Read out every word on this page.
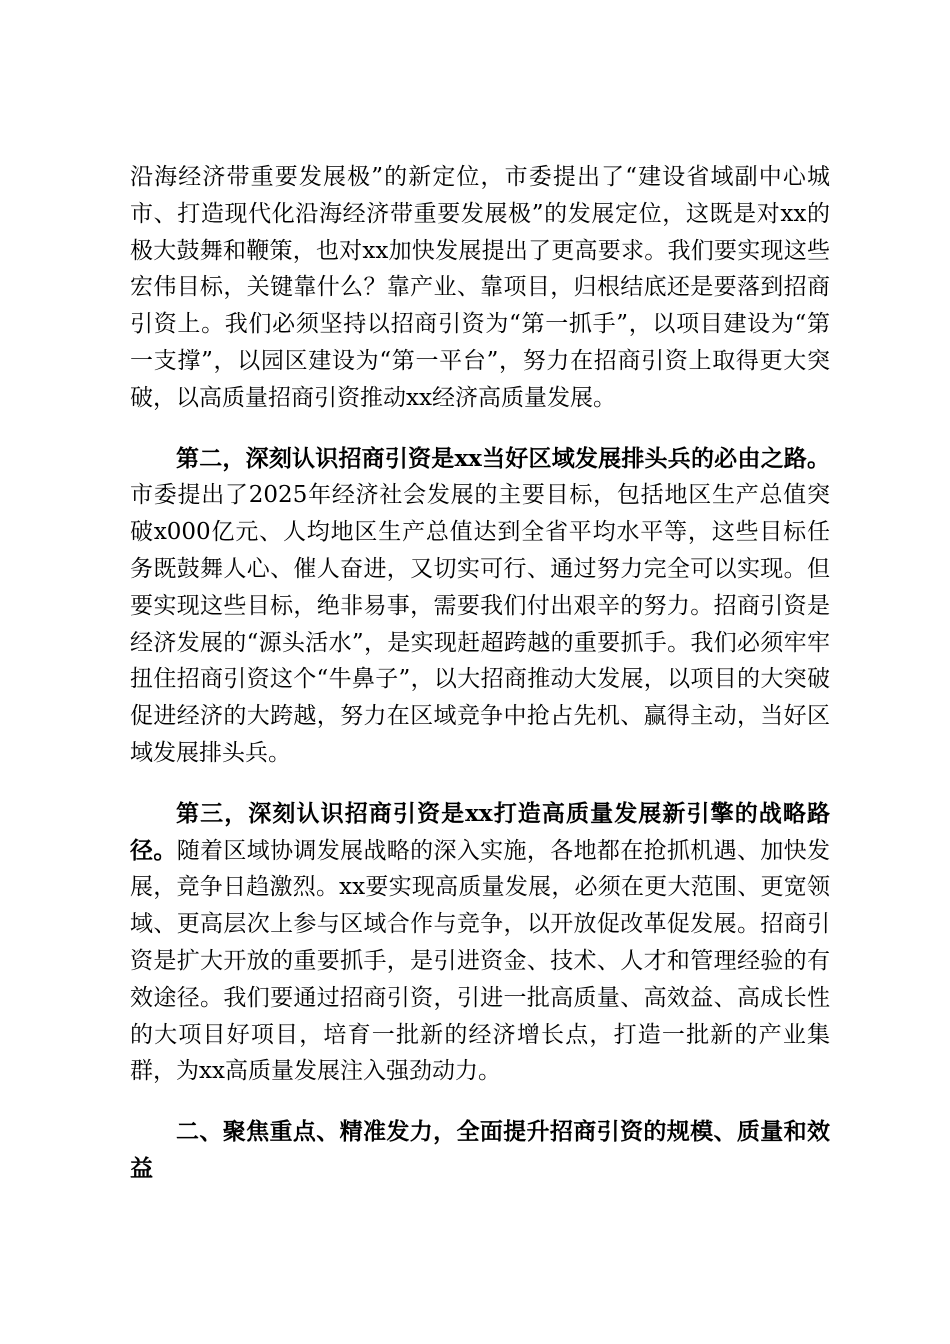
沿海经济带重要发展极”的新定位，市委提出了“建设省域副中心城市、打造现代化沿海经济带重要发展极”的发展定位，这既是对xx的极大鼓舞和鞭策，也对xx加快发展提出了更高要求。我们要实现这些宏伟目标，关键靠什么？靠产业、靠项目，归根结底还是要落到招商引资上。我们必须坚持以招商引资为“第一抓手”，以项目建设为“第一支撑”，以园区建设为“第一平台”，努力在招商引资上取得更大突破，以高质量招商引资推动xx经济高质量发展。

第二，深刻认识招商引资是xx当好区域发展排头兵的必由之路。市委提出了2025年经济社会发展的主要目标，包括地区生产总值突破x000亿元、人均地区生产总值达到全省平均水平等，这些目标任务既鼓舞人心、催人奋进，又切实可行、通过努力完全可以实现。但要实现这些目标，绝非易事，需要我们付出艰辛的努力。招商引资是经济发展的“源头活水”，是实现赶超跨越的重要抓手。我们必须牢牢扭住招商引资这个“牛鼻子”，以大招商推动大发展，以项目的大突破促进经济的大跨越，努力在区域竞争中抢占先机、赢得主动，当好区域发展排头兵。

第三，深刻认识招商引资是xx打造高质量发展新引擎的战略路径。随着区域协调发展战略的深入实施，各地都在抢抓机遇、加快发展，竞争日趋激烈。xx要实现高质量发展，必须在更大范围、更宽领域、更高层次上参与区域合作与竞争，以开放促改革促发展。招商引资是扩大开放的重要抓手，是引进资金、技术、人才和管理经验的有效途径。我们要通过招商引资，引进一批高质量、高效益、高成长性的大项目好项目，培育一批新的经济增长点，打造一批新的产业集群，为xx高质量发展注入强劲动力。

二、聚焦重点、精准发力，全面提升招商引资的规模、质量和效益
